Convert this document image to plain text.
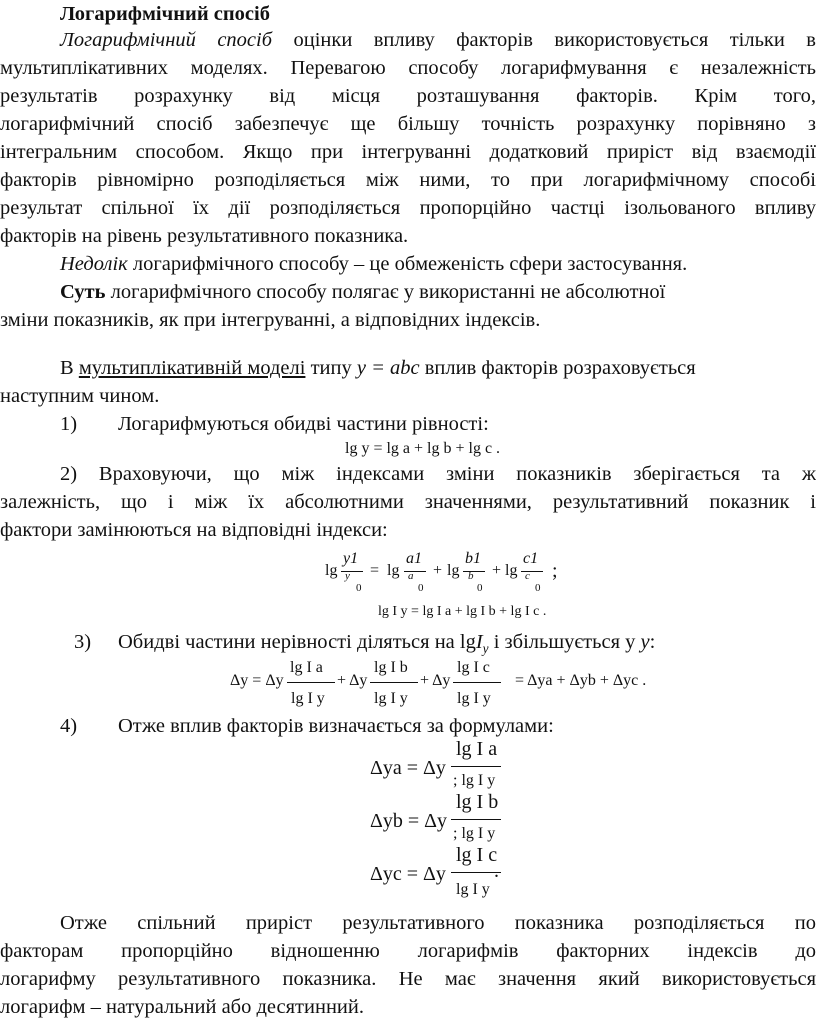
Логарифмічний спосіб
Логарифмічний спосіб оцінки впливу факторів використовується тільки в
мультиплікативних моделях. Перевагою способу логарифмування є незалежність
результатів розрахунку від місця розташування факторів. Крім того,
логарифмічний спосіб забезпечує ще більшу точність розрахунку порівняно з
інтегральним способом. Якщо при інтегруванні додатковий приріст від взаємодії
факторів рівномірно розподіляється між ними, то при логарифмічному способі
результат спільної їх дії розподіляється пропорційно частці ізольованого впливу
факторів на рівень результативного показника.
Недолік логарифмічного способу – це обмеженість сфери застосування.
Суть логарифмічного способу полягає у використанні не абсолютної
зміни показників, як при інтегруванні, а відповідних індексів.
В мультиплікативній моделі типу y = abc вплив факторів розраховується
наступним чином.
1)	Логарифмуються обидві частини рівності:
lg y = lg a + lg b + lg c .
2) Враховуючи, що між індексами зміни показників зберігається та ж
залежність, що і між їх абсолютними значеннями, результативний показник і
фактори замінюються на відповідні індекси:
lg
y1
y
0
= lg
a1
a
0
+ lg
b1
b
0
+ lg
c1
c
0
;
lg I y = lg I a + lg I b + lg I c .
3)	Обидві частини нерівності діляться на lgI$_y$ і збільшується у y:
Δy = Δy
lg I a
lg I y
+ Δy
lg I b
lg I y
+ Δy
lg I c
lg I y
= Δya + Δyb + Δyc .
4)	Отже вплив факторів визначається за формулами:
Δya = Δy
lg I a
; lg I y
Δyb = Δy
lg I b
; lg I y
Δyc = Δy
lg I c
.
lg I y
Отже спільний приріст результативного показника розподіляється по
факторам пропорційно відношенню логарифмів факторних індексів до
логарифму результативного показника. Не має значення який використовується
логарифм – натуральний або десятинний.
